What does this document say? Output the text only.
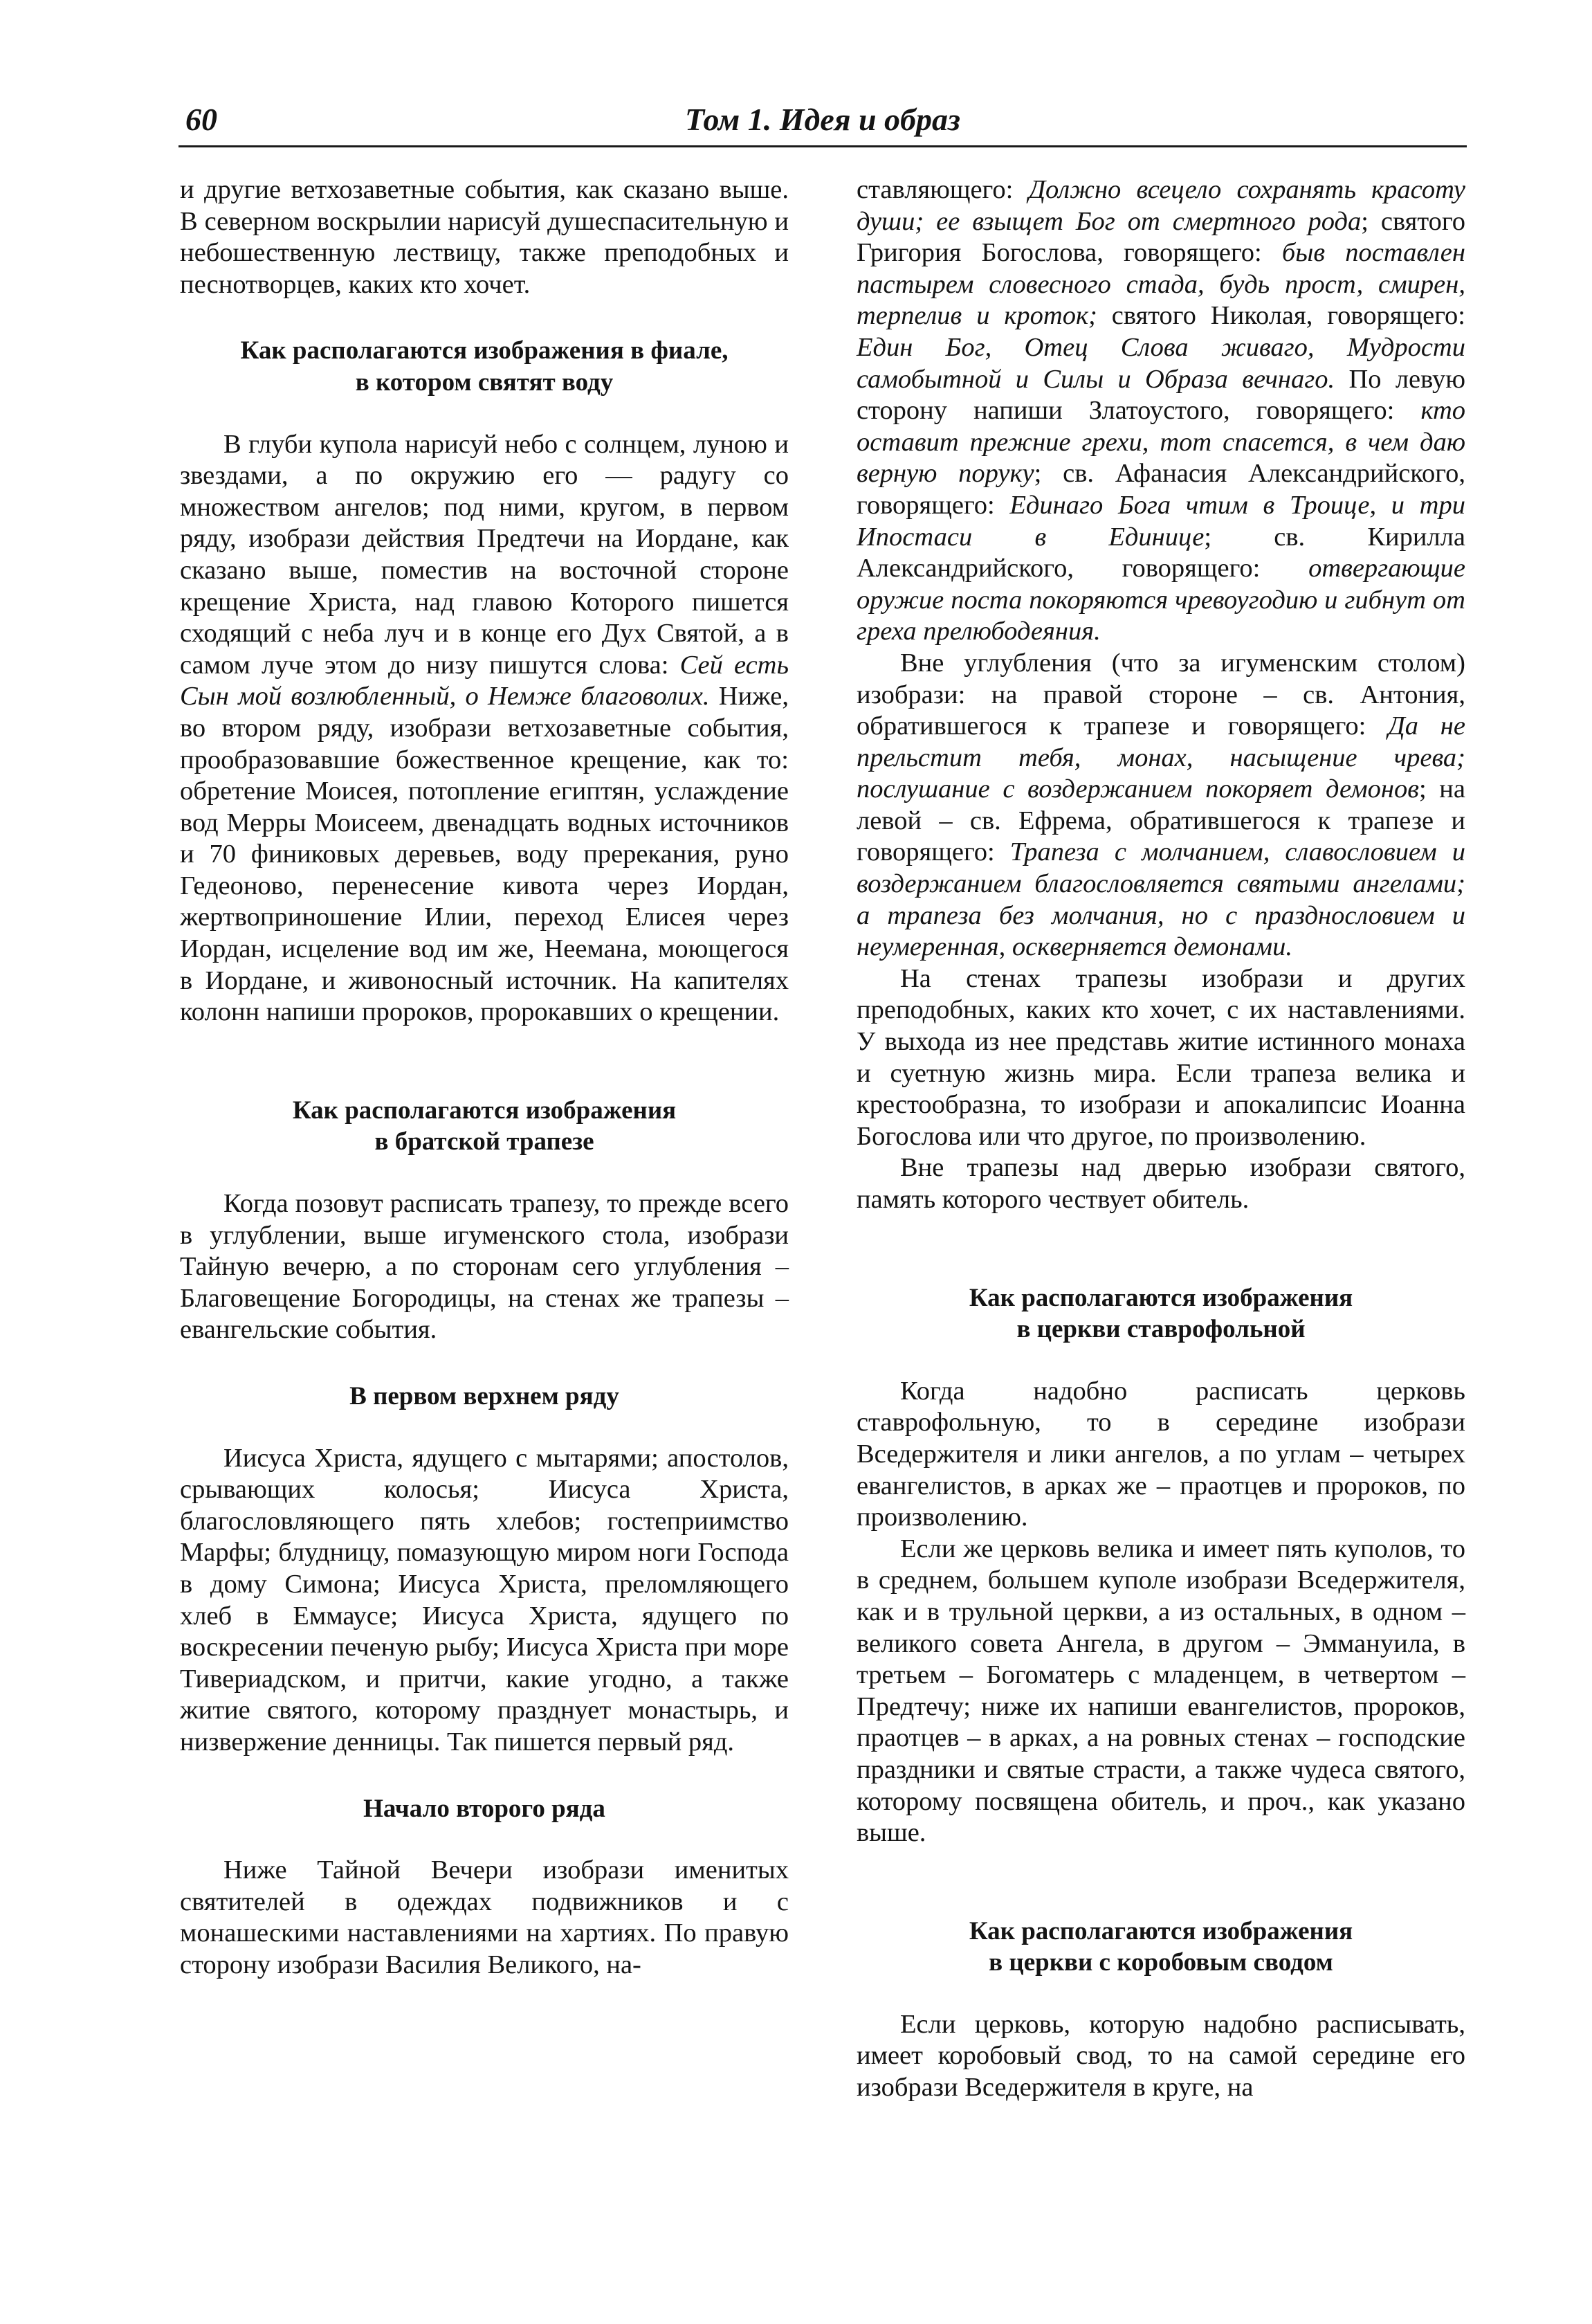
60	Том 1. Идея и образ

и другие ветхозаветные события, как сказано выше. В северном воскрылии нарисуй душеспасительную и небошественную лествицу, также преподобных и песнотворцев, каких кто хочет.

Как располагаются изображения в фиале,
в котором святят воду

В глуби купола нарисуй небо с солнцем, луною и звездами, а по окружию его — радугу со множеством ангелов; под ними, кругом, в первом ряду, изобрази действия Предтечи на Иордане, как сказано выше, поместив на восточной стороне крещение Христа, над главою Которого пишется сходящий с неба луч и в конце его Дух Святой, а в самом луче этом до низу пишутся слова: Сей есть Сын мой возлюбленный, о Немже благоволих. Ниже, во втором ряду, изобрази ветхозаветные события, прообразовавшие божественное крещение, как то: обретение Моисея, потопление египтян, услаждение вод Мерры Моисеем, двенадцать водных источников и 70 финиковых деревьев, воду пререкания, руно Гедеоново, перенесение кивота через Иордан, жертвоприношение Илии, переход Елисея через Иордан, исцеление вод им же, Неемана, моющегося в Иордане, и живоносный источник. На капителях колонн напиши пророков, пророкавших о крещении.

Как располагаются изображения
в братской трапезе

Когда позовут расписать трапезу, то прежде всего в углублении, выше игуменского стола, изобрази Тайную вечерю, а по сторонам сего углубления – Благовещение Богородицы, на стенах же трапезы – евангельские события.

В первом верхнем ряду

Иисуса Христа, ядущего с мытарями; апостолов, срывающих колосья; Иисуса Христа, благословляющего пять хлебов; гостеприимство Марфы; блудницу, помазующую миром ноги Господа в дому Симона; Иисуса Христа, преломляющего хлеб в Еммаусе; Иисуса Христа, ядущего по воскресении печеную рыбу; Иисуса Христа при море Тивериадском, и притчи, какие угодно, а также житие святого, которому празднует монастырь, и низвержение денницы. Так пишется первый ряд.

Начало второго ряда

Ниже Тайной Вечери изобрази именитых святителей в одеждах подвижников и с монашескими наставлениями на хартиях. По правую сторону изобрази Василия Великого, на-

ставляющего: Должно всецело сохранять красоту души; ее взыщет Бог от смертного рода; святого Григория Богослова, говорящего: быв поставлен пастырем словесного стада, будь прост, смирен, терпелив и кроток; святого Николая, говорящего: Един Бог, Отец Слова живаго, Мудрости самобытной и Силы и Образа вечнаго. По левую сторону напиши Златоустого, говорящего: кто оставит прежние грехи, тот спасется, в чем даю верную поруку; св. Афанасия Александрийского, говорящего: Единаго Бога чтим в Троице, и три Ипостаси в Единице; св. Кирилла Александрийского, говорящего: отвергающие оружие поста покоряются чревоугодию и гибнут от греха прелюбодеяния.

Вне углубления (что за игуменским столом) изобрази: на правой стороне – св. Антония, обратившегося к трапезе и говорящего: Да не прельстит тебя, монах, насыщение чрева; послушание с воздержанием покоряет демонов; на левой – св. Ефрема, обратившегося к трапезе и говорящего: Трапеза с молчанием, славословием и воздержанием благословляется святыми ангелами; а трапеза без молчания, но с празднословием и неумеренная, оскверняется демонами.

На стенах трапезы изобрази и других преподобных, каких кто хочет, с их наставлениями. У выхода из нее представь житие истинного монаха и суетную жизнь мира. Если трапеза велика и крестообразна, то изобрази и апокалипсис Иоанна Богослова или что другое, по произволению.

Вне трапезы над дверью изобрази святого, память которого чествует обитель.

Как располагаются изображения
в церкви ставрофольной

Когда надобно расписать церковь ставрофольную, то в середине изобрази Вседержителя и лики ангелов, а по углам – четырех евангелистов, в арках же – праотцев и пророков, по произволению.

Если же церковь велика и имеет пять куполов, то в среднем, большем куполе изобрази Вседержителя, как и в трульной церкви, а из остальных, в одном – великого совета Ангела, в другом – Эммануила, в третьем – Богоматерь с младенцем, в четвертом – Предтечу; ниже их напиши евангелистов, пророков, праотцев – в арках, а на ровных стенах – господские праздники и святые страсти, а также чудеса святого, которому посвящена обитель, и проч., как указано выше.

Как располагаются изображения
в церкви с коробовым сводом

Если церковь, которую надобно расписывать, имеет коробовый свод, то на самой середине его изобрази Вседержителя в круге, на
